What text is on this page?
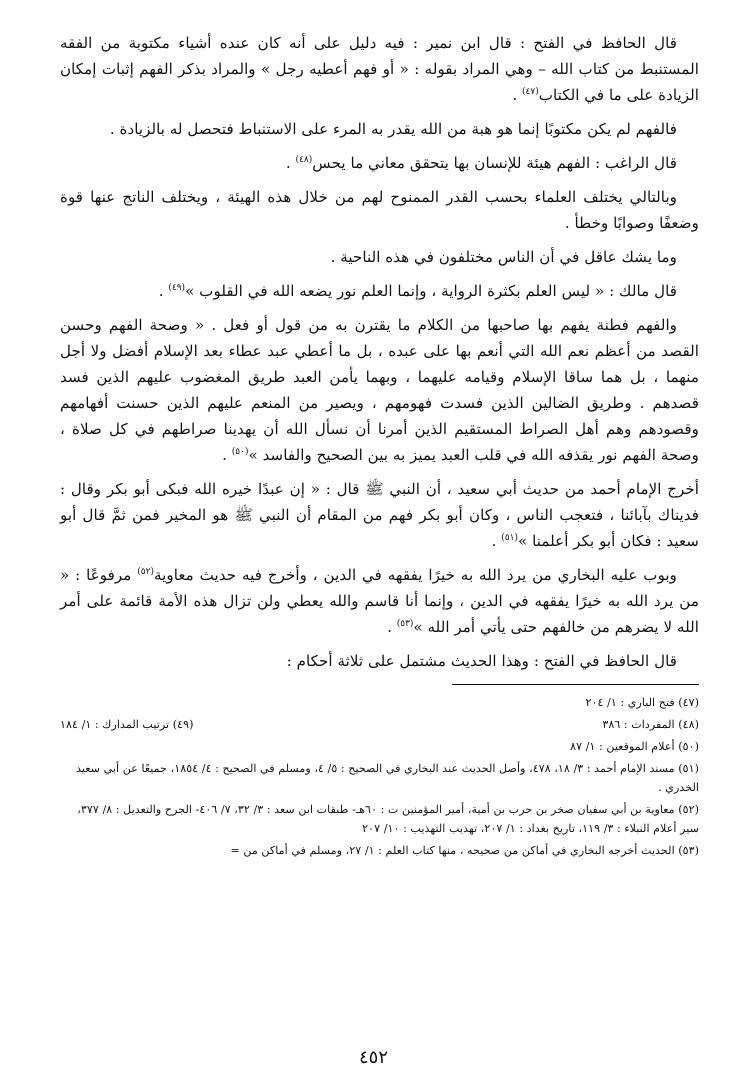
قال الحافظ في الفتح : قال ابن نمير : فيه دليل على أنه كان عنده أشياء مكتوبة من الفقه المستنبط من كتاب الله – وهي المراد بقوله : « أو فهم أعطيه رجل » والمراد بذكر الفهم إثبات إمكان الزيادة على ما في الكتاب$^{(٤٧)}$ .

فالفهم لم يكن مكتوبًا إنما هو هبة من الله يقدر به المرء على الاستنباط فتحصل له بالزيادة .

قال الراغب : الفهم هيئة للإنسان بها يتحقق معاني ما يحس$^{(٤٨)}$ .

وبالتالي يختلف العلماء بحسب القدر الممنوح لهم من خلال هذه الهيئة ، ويختلف الناتج عنها قوة وضعفًا وصوابًا وخطأ .

وما يشك عاقل في أن الناس مختلفون في هذه الناحية .

قال مالك : « ليس العلم بكثرة الرواية ، وإنما العلم نور يضعه الله في القلوب »$^{(٤٩)}$ .

والفهم فطنة يفهم بها صاحبها من الكلام ما يقترن به من قول أو فعل . « وصحة الفهم وحسن القصد من أعظم نعم الله التي أنعم بها على عبده ، بل ما أعطي عبد عطاء بعد الإسلام أفضل ولا أجل منهما ، بل هما ساقا الإسلام وقيامه عليهما ، وبهما يأمن العبد طريق المغضوب عليهم الذين فسد قصدهم . وطريق الضالين الذين فسدت فهومهم ، ويصير من المنعم عليهم الذين حسنت أفهامهم وقصودهم وهم أهل الصراط المستقيم الذين أمرنا أن نسأل الله أن يهدينا صراطهم في كل صلاة ، وصحة الفهم نور يقذفه الله في قلب العبد يميز به بين الصحيح والفاسد »$^{(٥٠)}$ .

أخرج الإمام أحمد من حديث أبي سعيد ، أن النبي ﷺ قال : « إن عبدًا خيره الله فبكى أبو بكر وقال : فديناك بآبائنا ، فتعجب الناس ، وكان أبو بكر فهم من المقام أن النبي ﷺ هو المخير فمن ثمَّ قال أبو سعيد : فكان أبو بكر أعلمنا »$^{(٥١)}$ .

وبوب عليه البخاري من يرد الله به خيرًا يفقهه في الدين ، وأخرج فيه حديث معاوية$^{(٥٢)}$ مرفوعًا : « من يرد الله به خيرًا يفقهه في الدين ، وإنما أنا قاسم والله يعطي ولن تزال هذه الأمة قائمة على أمر الله لا يضرهم من خالفهم حتى يأتي أمر الله »$^{(٥٣)}$ .

قال الحافظ في الفتح : وهذا الحديث مشتمل على ثلاثة أحكام :

(٤٧) فتح الباري : ١/ ٢٠٤

(٤٨) المفردات : ٣٨٦

(٤٩) ترتيب المدارك : ١/ ١٨٤

(٥٠) أعلام الموقعين : ١/ ٨٧

(٥١) مسند الإمام أحمد : ٣/ ١٨، ٤٧٨، وأصل الحديث عند البخاري في الصحيح : ٥/ ٤، ومسلم في الصحيح : ٤/ ١٨٥٤، جميعًا عن أبي سعيد الخدري .

(٥٢) معاوية بن أبي سفيان صخر بن حرب بن أمية، أمير المؤمنين ت : ٦٠هـ- طبقات ابن سعد : ٣/ ٣٢، ٧/ ٤٠٦- الجرح والتعديل : ٨/ ٣٧٧، سير أعلام النبلاء : ٣/ ١١٩، تاريخ بغداد : ١/ ٢٠٧، تهذيب التهذيب : ١٠/ ٢٠٧

(٥٣) الحديث أخرجه البخاري في أماكن من صحيحه ، منها كتاب العلم : ١/ ٢٧، ومسلم في أماكن من =

٤٥٢
